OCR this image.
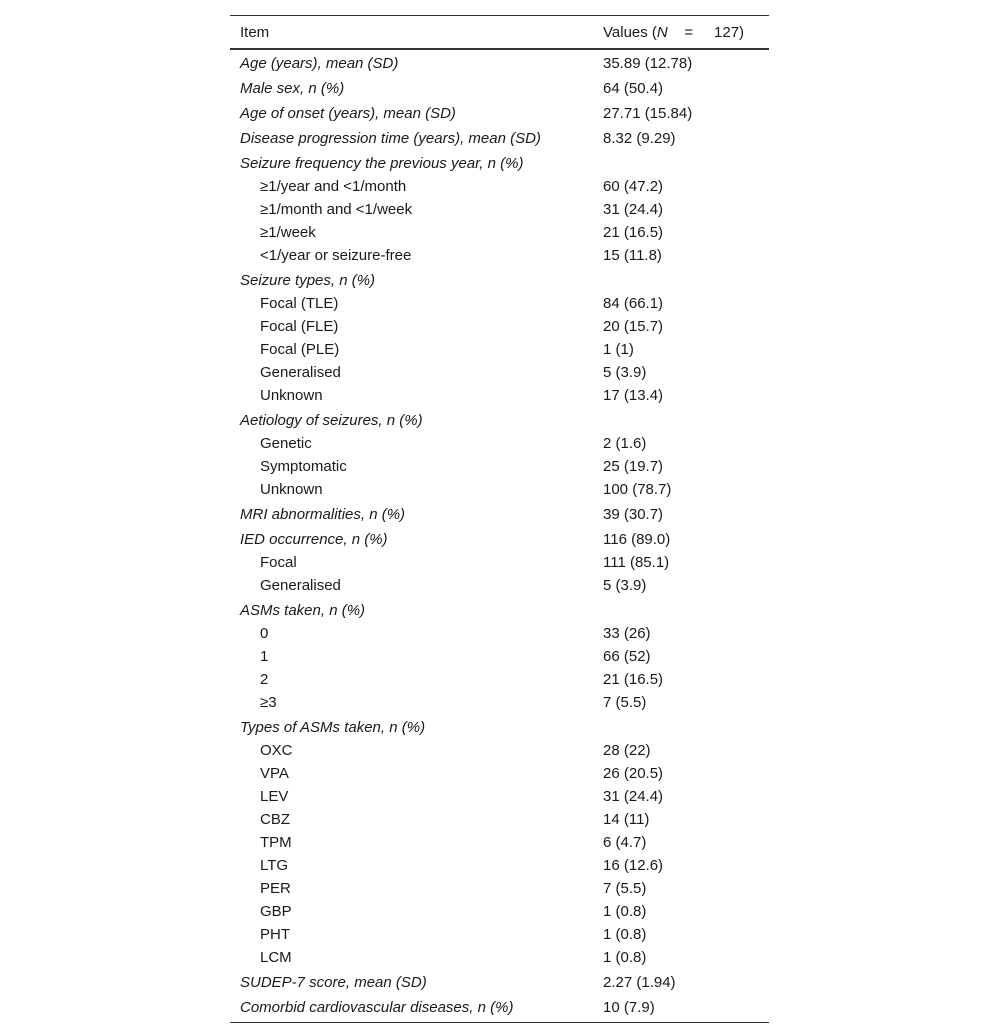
Item	Values (N    =     127)
Age (years), mean (SD)	35.89 (12.78)
Male sex, n (%)	64 (50.4)
Age of onset (years), mean (SD)	27.71 (15.84)
Disease progression time (years), mean (SD)	8.32 (9.29)
Seizure frequency the previous year, n (%)
≥1/year and <1/month	60 (47.2)
≥1/month and <1/week	31 (24.4)
≥1/week	21 (16.5)
<1/year or seizure-free	15 (11.8)
Seizure types, n (%)
Focal (TLE)	84 (66.1)
Focal (FLE)	20 (15.7)
Focal (PLE)	1 (1)
Generalised	5 (3.9)
Unknown	17 (13.4)
Aetiology of seizures, n (%)
Genetic	2 (1.6)
Symptomatic	25 (19.7)
Unknown	100 (78.7)
MRI abnormalities, n (%)	39 (30.7)
IED occurrence, n (%)	116 (89.0)
Focal	111 (85.1)
Generalised	5 (3.9)
ASMs taken, n (%)
0	33 (26)
1	66 (52)
2	21 (16.5)
≥3	7 (5.5)
Types of ASMs taken, n (%)
OXC	28 (22)
VPA	26 (20.5)
LEV	31 (24.4)
CBZ	14 (11)
TPM	6 (4.7)
LTG	16 (12.6)
PER	7 (5.5)
GBP	1 (0.8)
PHT	1 (0.8)
LCM	1 (0.8)
SUDEP-7 score, mean (SD)	2.27 (1.94)
Comorbid cardiovascular diseases, n (%)	10 (7.9)
